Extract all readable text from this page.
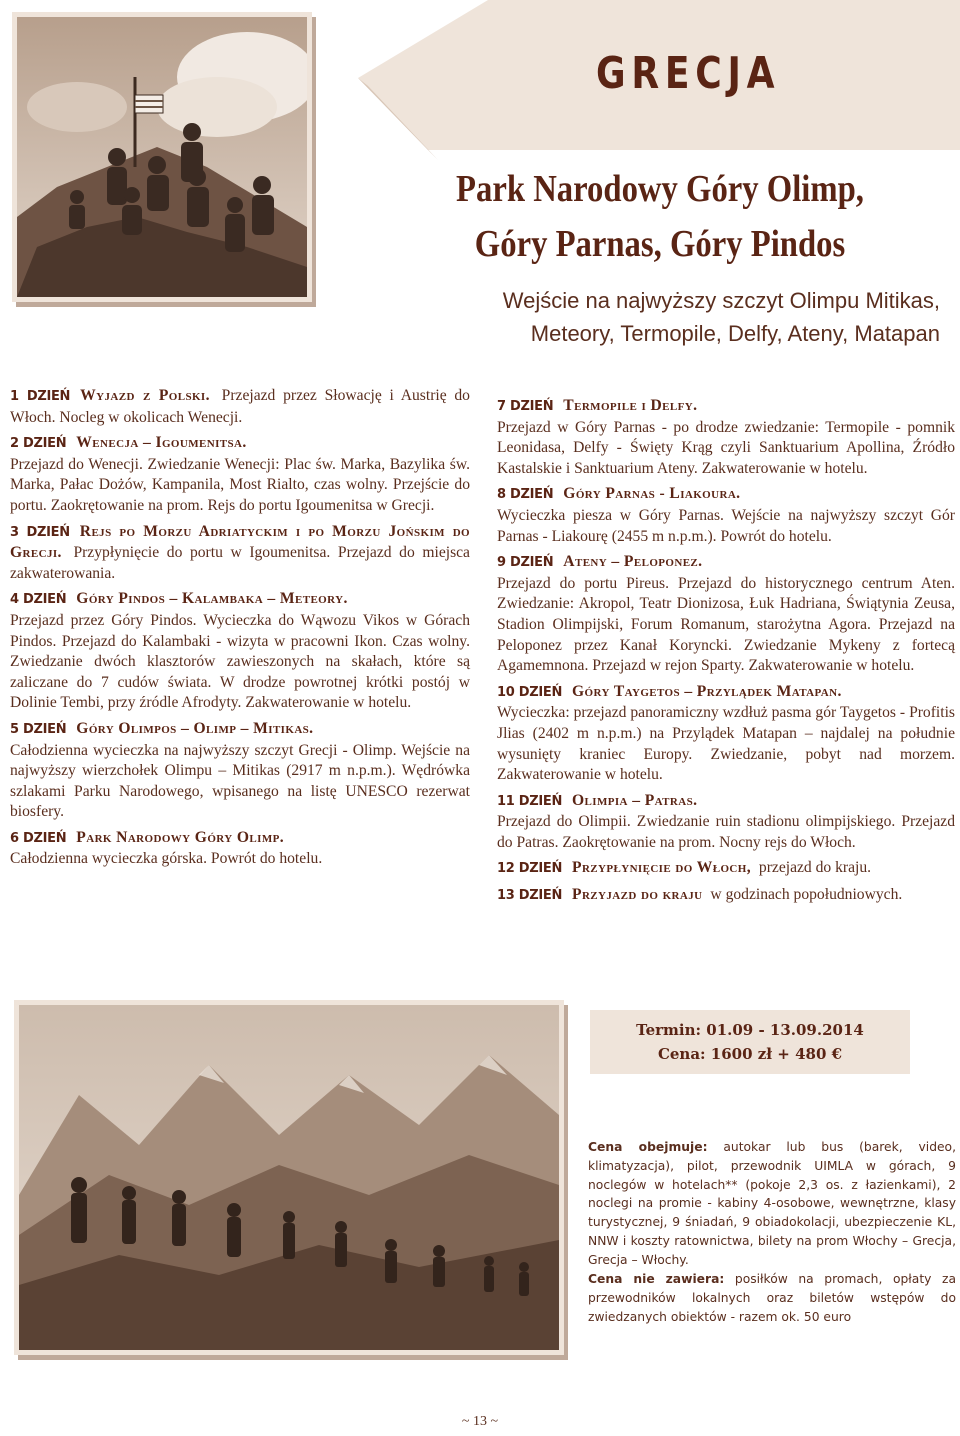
GRECJA
Park Narodowy Góry Olimp,
Góry Parnas, Góry Pindos
Wejście na najwyższy szczyt Olimpu Mitikas,
Meteory, Termopile, Delfy, Ateny, Matapan

1 DZIEŃ Wyjazd z Polski. Przejazd przez Słowację i Austrię do Włoch. Nocleg w okolicach Wenecji.

2 DZIEŃ Wenecja – Igoumenitsa.
Przejazd do Wenecji. Zwiedzanie Wenecji: Plac św. Marka, Bazylika św. Marka, Pałac Dożów, Kampanila, Most Rialto, czas wolny. Przejście do portu. Zaokrętowanie na prom. Rejs do portu Igoumenitsa w Grecji.

3 DZIEŃ Rejs po Morzu Adriatyckim i po Morzu Jońskim do Grecji. Przypłynięcie do portu w Igoumenitsa. Przejazd do miejsca zakwaterowania.

4 DZIEŃ Góry Pindos – Kalambaka – Meteory.
Przejazd przez Góry Pindos. Wycieczka do Wąwozu Vikos w Górach Pindos. Przejazd do Kalambaki - wizyta w pracowni Ikon. Czas wolny. Zwiedzanie dwóch klasztorów zawieszonych na skałach, które są zaliczane do 7 cudów świata. W drodze powrotnej krótki postój w Dolinie Tembi, przy źródle Afrodyty. Zakwaterowanie w hotelu.

5 DZIEŃ Góry Olimpos – Olimp – Mitikas.
Całodzienna wycieczka na najwyższy szczyt Grecji - Olimp. Wejście na najwyższy wierzchołek Olimpu – Mitikas (2917 m n.p.m.). Wędrówka szlakami Parku Narodowego, wpisanego na listę UNESCO rezerwat biosfery.

6 DZIEŃ Park Narodowy Góry Olimp.
Całodzienna wycieczka górska. Powrót do hotelu.

7 DZIEŃ Termopile i Delfy.
Przejazd w Góry Parnas - po drodze zwiedzanie: Termopile - pomnik Leonidasa, Delfy - Święty Krąg czyli Sanktuarium Apollina, Źródło Kastalskie i Sanktuarium Ateny. Zakwaterowanie w hotelu.

8 DZIEŃ Góry Parnas - Liakoura.
Wycieczka piesza w Góry Parnas. Wejście na najwyższy szczyt Gór Parnas - Liakourę (2455 m n.p.m.). Powrót do hotelu.

9 DZIEŃ Ateny – Peloponez.
Przejazd do portu Pireus. Przejazd do historycznego centrum Aten. Zwiedzanie: Akropol, Teatr Dionizosa, Łuk Hadriana, Świątynia Zeusa, Stadion Olimpijski, Forum Romanum, starożytna Agora. Przejazd na Peloponez przez Kanał Koryncki. Zwiedzanie Mykeny z fortecą Agamemnona. Przejazd w rejon Sparty. Zakwaterowanie w hotelu.

10 DZIEŃ Góry Taygetos – Przylądek Matapan.
Wycieczka: przejazd panoramiczny wzdłuż pasma gór Taygetos - Profitis Jlias (2402 m n.p.m.) na Przylądek Matapan – najdalej na południe wysunięty kraniec Europy. Zwiedzanie, pobyt nad morzem. Zakwaterowanie w hotelu.

11 DZIEŃ Olimpia – Patras.
Przejazd do Olimpii. Zwiedzanie ruin stadionu olimpijskiego. Przejazd do Patras. Zaokrętowanie na prom. Nocny rejs do Włoch.

12 DZIEŃ Przypłynięcie do Włoch, przejazd do kraju.

13 DZIEŃ Przyjazd do kraju w godzinach popołudniowych.

Termin: 01.09 - 13.09.2014
Cena: 1600 zł + 480 €
Cena obejmuje: autokar lub bus (barek, video, klimatyzacja), pilot, przewodnik UIMLA w górach, 9 noclegów w hotelach** (pokoje 2,3 os. z łazienkami), 2 noclegi na promie - kabiny 4-osobowe, wewnętrzne, klasy turystycznej, 9 śniadań, 9 obiadokolacji, ubezpieczenie KL, NNW i koszty ratownictwa, bilety na prom Włochy – Grecja, Grecja – Włochy.
Cena nie zawiera: posiłków na promach, opłaty za przewodników lokalnych oraz biletów wstępów do zwiedzanych obiektów - razem ok. 50 euro
~ 13 ~
